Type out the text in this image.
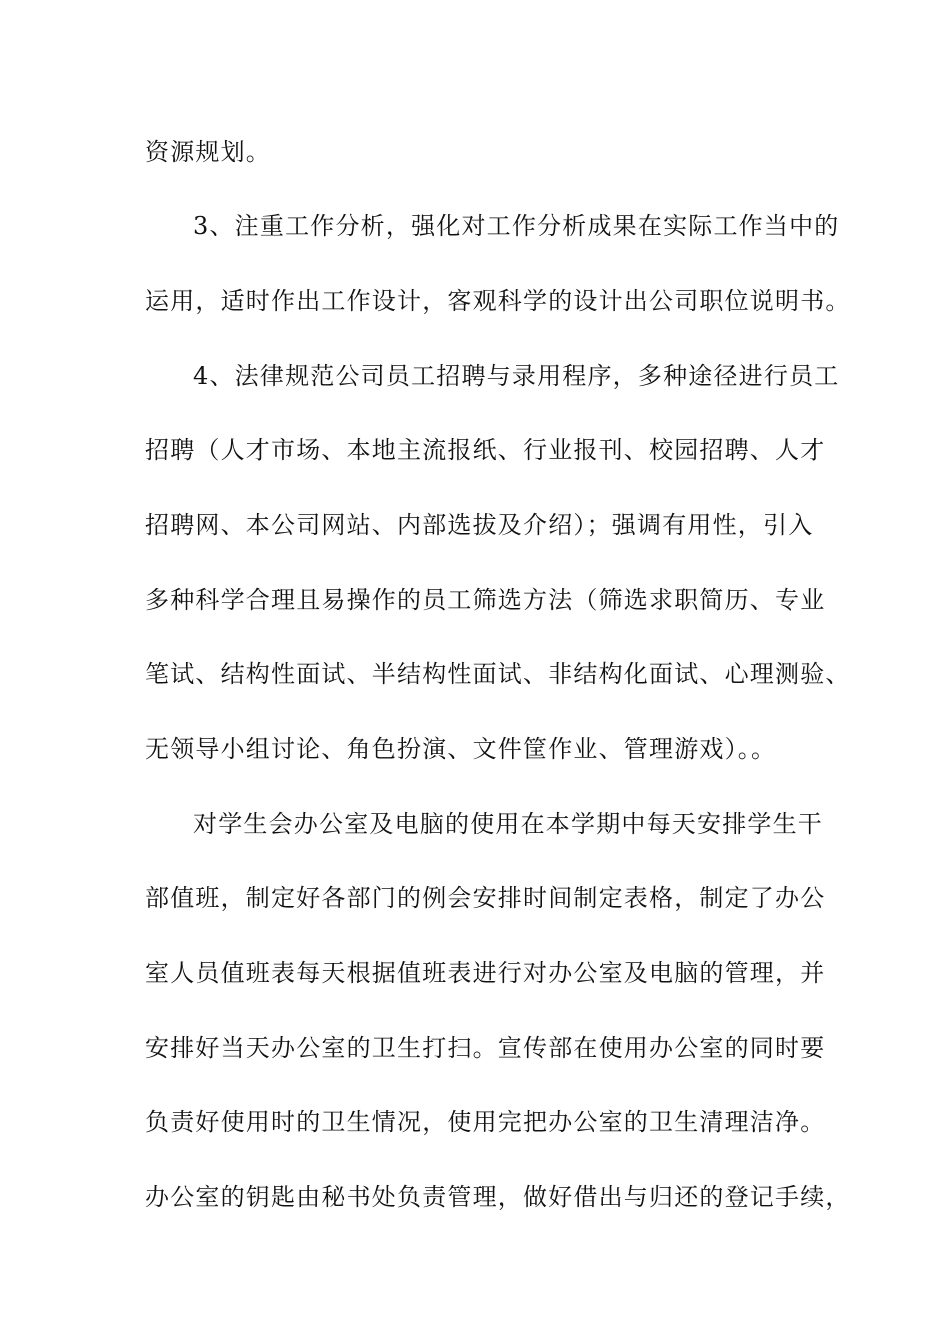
资源规划。
3、注重工作分析，强化对工作分析成果在实际工作当中的
运用，适时作出工作设计，客观科学的设计出公司职位说明书。
4、法律规范公司员工招聘与录用程序，多种途径进行员工
招聘（人才市场、本地主流报纸、行业报刊、校园招聘、人才
招聘网、本公司网站、内部选拔及介绍）；强调有用性，引入
多种科学合理且易操作的员工筛选方法（筛选求职简历、专业
笔试、结构性面试、半结构性面试、非结构化面试、心理测验、
无领导小组讨论、角色扮演、文件筐作业、管理游戏）。。
对学生会办公室及电脑的使用在本学期中每天安排学生干
部值班，制定好各部门的例会安排时间制定表格，制定了办公
室人员值班表每天根据值班表进行对办公室及电脑的管理，并
安排好当天办公室的卫生打扫。宣传部在使用办公室的同时要
负责好使用时的卫生情况，使用完把办公室的卫生清理洁净。
办公室的钥匙由秘书处负责管理，做好借出与归还的登记手续，
